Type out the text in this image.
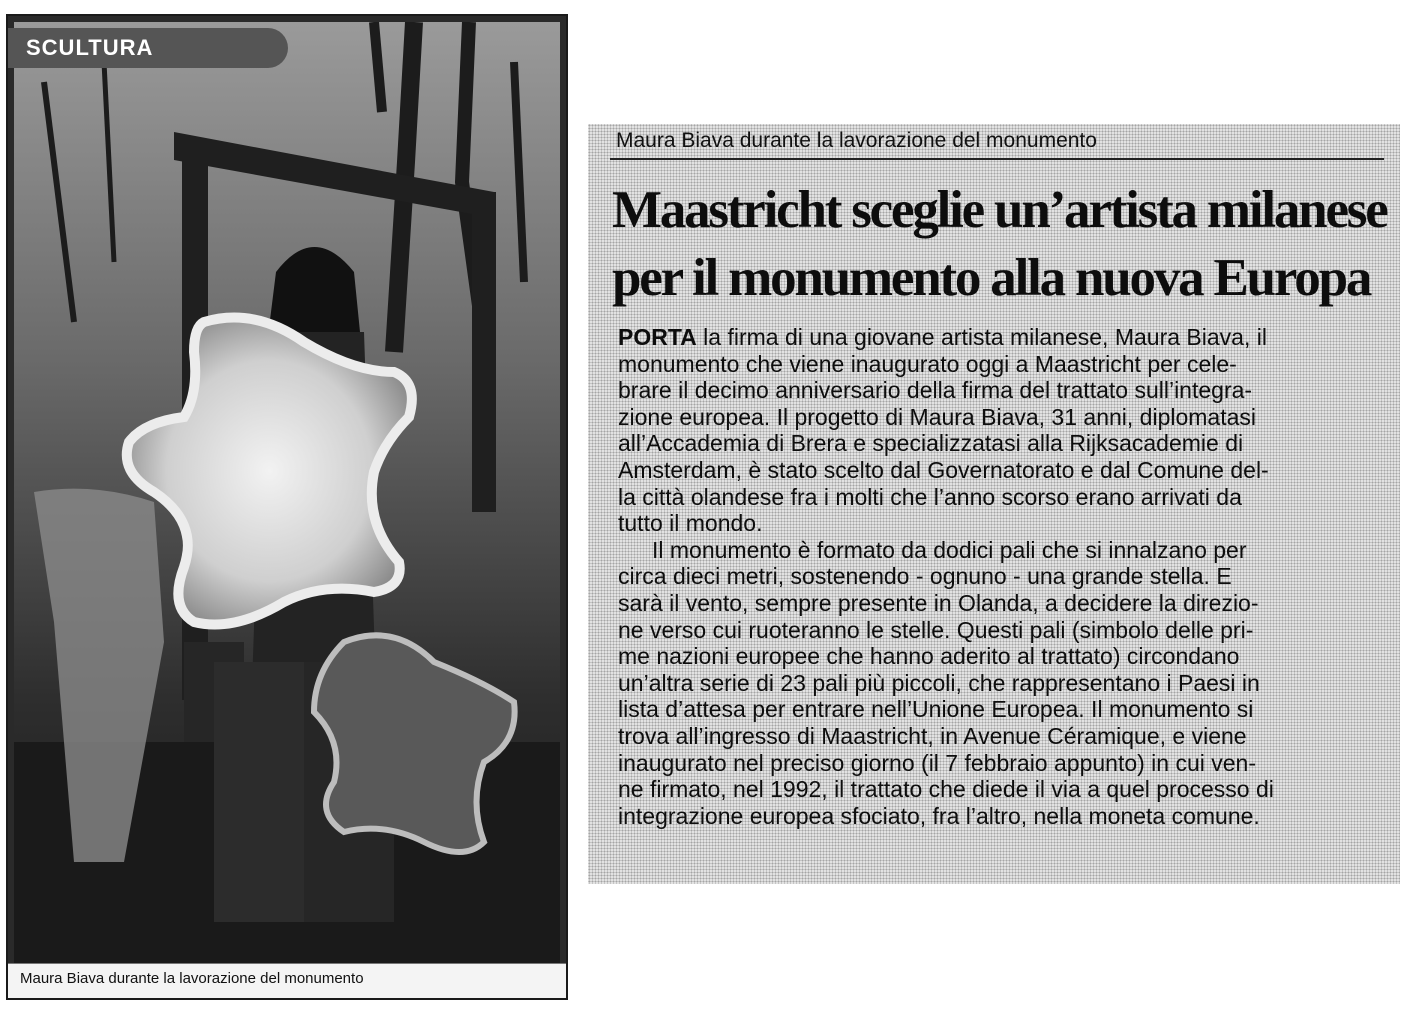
SCULTURA
Maura Biava durante la lavorazione del monumento
Maura Biava durante la lavorazione del monumento
Maastricht sceglie un’artista milanese
per il monumento alla nuova Europa
PORTA la firma di una giovane artista milanese, Maura Biava, il
monumento che viene inaugurato oggi a Maastricht per cele-
brare il decimo anniversario della firma del trattato sull’integra-
zione europea. Il progetto di Maura Biava, 31 anni, diplomatasi
all’Accademia di Brera e specializzatasi alla Rijksacademie di
Amsterdam, è stato scelto dal Governatorato e dal Comune del-
la città olandese fra i molti che l’anno scorso erano arrivati da
tutto il mondo.
Il monumento è formato da dodici pali che si innalzano per
circa dieci metri, sostenendo - ognuno - una grande stella. E
sarà il vento, sempre presente in Olanda, a decidere la direzio-
ne verso cui ruoteranno le stelle. Questi pali (simbolo delle pri-
me nazioni europee che hanno aderito al trattato) circondano
un’altra serie di 23 pali più piccoli, che rappresentano i Paesi in
lista d’attesa per entrare nell’Unione Europea. Il monumento si
trova all’ingresso di Maastricht, in Avenue Céramique, e viene
inaugurato nel preciso giorno (il 7 febbraio appunto) in cui ven-
ne firmato, nel 1992, il trattato che diede il via a quel processo di
integrazione europea sfociato, fra l’altro, nella moneta comune.
